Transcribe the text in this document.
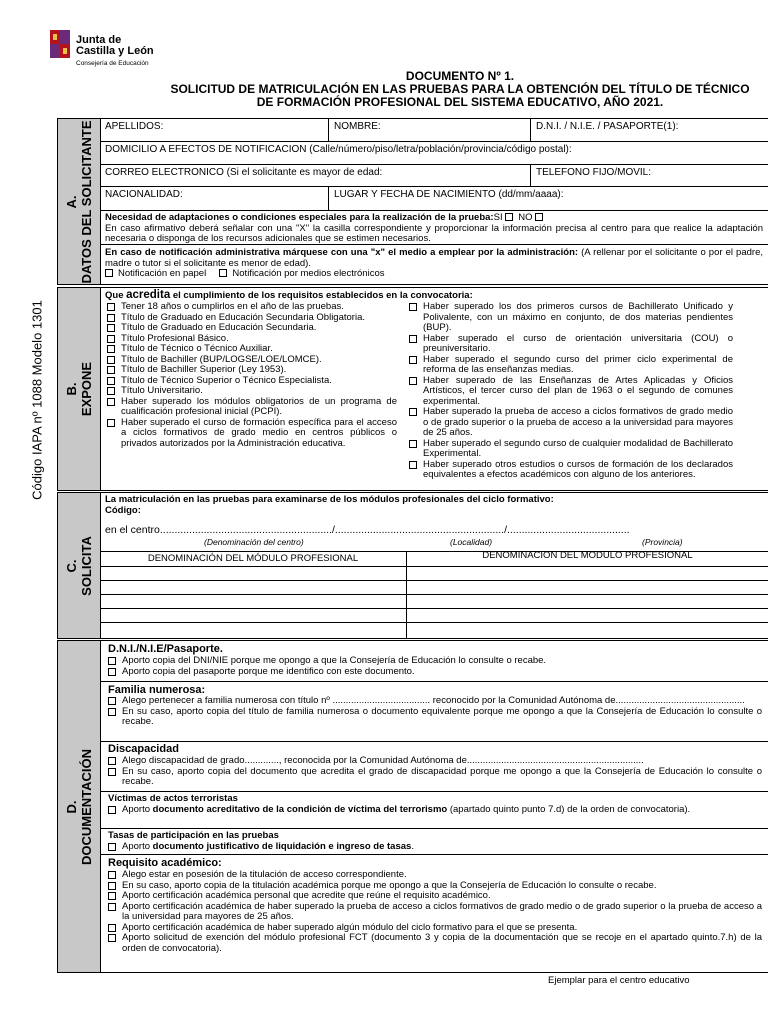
Junta de
Castilla y León
Consejería de Educación
DOCUMENTO Nº 1.
SOLICITUD DE MATRICULACIÓN EN LAS PRUEBAS PARA LA OBTENCIÓN DEL TÍTULO DE TÉCNICO
DE FORMACIÓN PROFESIONAL DEL SISTEMA EDUCATIVO, AÑO 2021.
Código IAPA nº 1088 Modelo 1301
A. DATOS DEL SOLICITANTE	APELLIDOS:	NOMBRE:	D.N.I. / N.I.E. / PASAPORTE(1):
DOMICILIO A EFECTOS DE NOTIFICACION (Calle/número/piso/letra/población/provincia/código postal):
CORREO ELECTRONICO (Si el solicitante es mayor de edad:	TELEFONO FIJO/MOVIL:
NACIONALIDAD:	LUGAR Y FECHA DE NACIMIENTO (dd/mm/aaaa):
Necesidad de adaptaciones o condiciones especiales para la realización de la prueba:SI NO
En caso afirmativo deberá señalar con una "X" la casilla correspondiente y proporcionar la información precisa al centro para que realice la adaptación necesaria o disponga de los recursos adicionales que se estimen necesarios.
En caso de notificación administrativa márquese con una "x" el medio a emplear por la administración: (A rellenar por el solicitante o por el padre, madre o tutor si el solicitante es menor de edad).
Notificación en papel	Notificación por medios electrónicos
B. EXPONE
Que acredita el cumplimiento de los requisitos establecidos en la convocatoria:
Tener 18 años o cumplirlos en el año de las pruebas.
Título de Graduado en Educación Secundaria Obligatoria.
Título de Graduado en Educación Secundaria.
Título Profesional Básico.
Título de Técnico o Técnico Auxiliar.
Título de Bachiller (BUP/LOGSE/LOE/LOMCE).
Título de Bachiller Superior (Ley 1953).
Título de Técnico Superior o Técnico Especialista.
Título Universitario.
Haber superado los módulos obligatorios de un programa de cualificación profesional inicial (PCPI).
Haber superado el curso de formación específica para el acceso a ciclos formativos de grado medio en centros públicos o privados autorizados por la Administración educativa.
Haber superado los dos primeros cursos de Bachillerato Unificado y Polivalente, con un máximo en conjunto, de dos materias pendientes (BUP).
Haber superado el curso de orientación universitaria (COU) o preuniversitario.
Haber superado el segundo curso del primer ciclo experimental de reforma de las enseñanzas medias.
Haber superado de las Enseñanzas de Artes Aplicadas y Oficios Artísticos, el tercer curso del plan de 1963 o el segundo de comunes experimental.
Haber superado la prueba de acceso a ciclos formativos de grado medio o de grado superior o la prueba de acceso a la universidad para mayores de 25 años.
Haber superado el segundo curso de cualquier modalidad de Bachillerato Experimental.
Haber superado otros estudios o cursos de formación de los declarados equivalentes a efectos académicos con alguno de los anteriores.
C. SOLICITA
La matriculación en las pruebas para examinarse de los módulos profesionales del ciclo formativo:
Código:
en el centro.........................................................../........................................................../..........................................
(Denominación del centro)	(Localidad)	(Provincia)
DENOMINACIÓN DEL MÓDULO PROFESIONAL	DENOMINACION DEL MODULO PROFESIONAL
D. DOCUMENTACIÓN
D.N.I./N.I.E/Pasaporte.
Aporto copia del DNI/NIE porque me opongo a que la Consejería de Educación lo consulte o recabe.
Aporto copia del pasaporte porque me identifico con este documento.
Familia numerosa:
Alego pertenecer a familia numerosa con título nº ..................................... reconocido por la Comunidad Autónoma de.................................................
En su caso, aporto copia del título de familia numerosa o documento equivalente porque me opongo a que la Consejería de Educación lo consulte o recabe.
Discapacidad
Alego discapacidad de grado............., reconocida por la Comunidad Autónoma de...................................................................
En su caso, aporto copia del documento que acredita el grado de discapacidad porque me opongo a que la Consejería de Educación lo consulte o recabe.
Víctimas de actos terroristas
Aporto documento acreditativo de la condición de víctima del terrorismo (apartado quinto punto 7.d) de la orden de convocatoria).
Tasas de participación en las pruebas
Aporto documento justificativo de liquidación e ingreso de tasas.
Requisito académico:
Alego estar en posesión de la titulación de acceso correspondiente.
En su caso, aporto copia de la titulación académica porque me opongo a que la Consejería de Educación lo consulte o recabe.
Aporto certificación académica personal que acredite que reúne el requisito académico.
Aporto certificación académica de haber superado la prueba de acceso a ciclos formativos de grado medio o de grado superior o la prueba de acceso a la universidad para mayores de 25 años.
Aporto certificación académica de haber superado algún módulo del ciclo formativo para el que se presenta.
Aporto solicitud de exención del módulo profesional FCT (documento 3 y copia de la documentación que se recoje en el apartado quinto.7.h) de la orden de convocatoria).
Ejemplar para el centro educativo
